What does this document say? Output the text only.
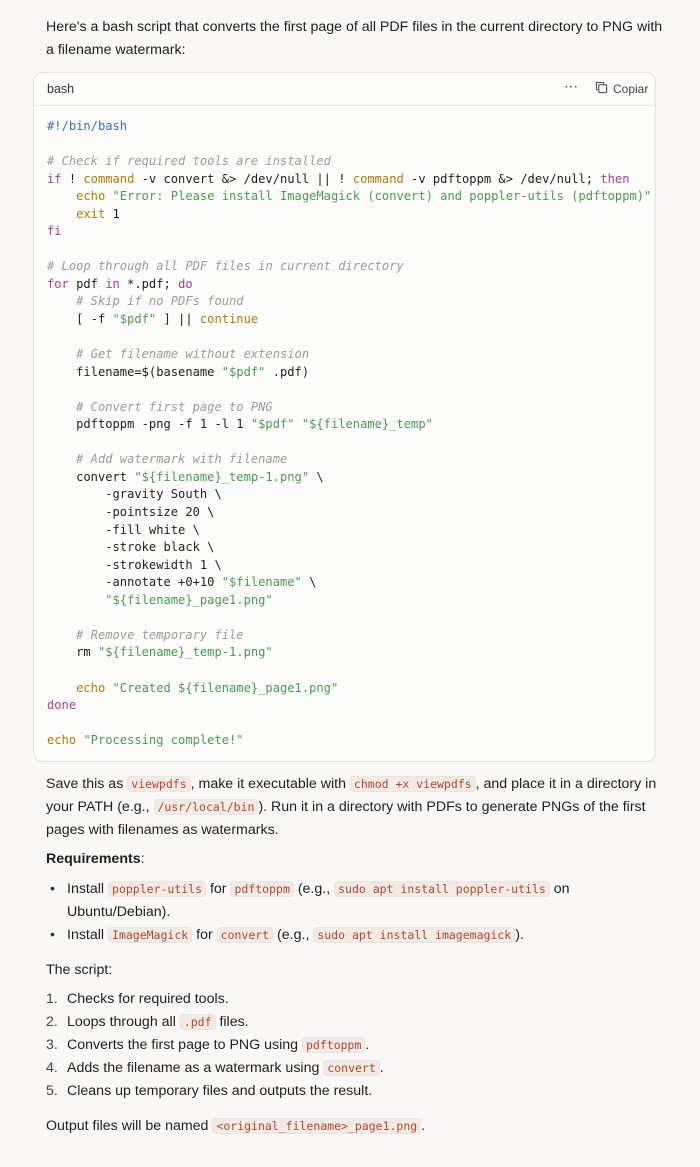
Here's a bash script that converts the first page of all PDF files in the current directory to PNG with a filename watermark:
bash	⋯	Copiar
#!/bin/bash
# Check if required tools are installed
if ! command -v convert &> /dev/null || ! command -v pdftoppm &> /dev/null; then
echo "Error: Please install ImageMagick (convert) and poppler-utils (pdftoppm)"
exit 1
fi
# Loop through all PDF files in current directory
for pdf in *.pdf; do
# Skip if no PDFs found
[ -f "$pdf" ] || continue
# Get filename without extension
filename=$(basename "$pdf" .pdf)
# Convert first page to PNG
pdftoppm -png -f 1 -l 1 "$pdf" "${filename}_temp"
# Add watermark with filename
convert "${filename}_temp-1.png" \
-gravity South \
-pointsize 20 \
-fill white \
-stroke black \
-strokewidth 1 \
-annotate +0+10 "$filename" \
"${filename}_page1.png"
# Remove temporary file
rm "${filename}_temp-1.png"
echo "Created ${filename}_page1.png"
done
echo "Processing complete!"
Save this as viewpdfs , make it executable with chmod +x viewpdfs , and place it in a directory in your PATH (e.g., /usr/local/bin ). Run it in a directory with PDFs to generate PNGs of the first pages with filenames as watermarks.
Requirements:
• Install poppler-utils for pdftoppm (e.g., sudo apt install poppler-utils on Ubuntu/Debian).
• Install ImageMagick for convert (e.g., sudo apt install imagemagick ).
The script:
1. Checks for required tools.
2. Loops through all .pdf files.
3. Converts the first page to PNG using pdftoppm .
4. Adds the filename as a watermark using convert .
5. Cleans up temporary files and outputs the result.
Output files will be named <original_filename>_page1.png .
